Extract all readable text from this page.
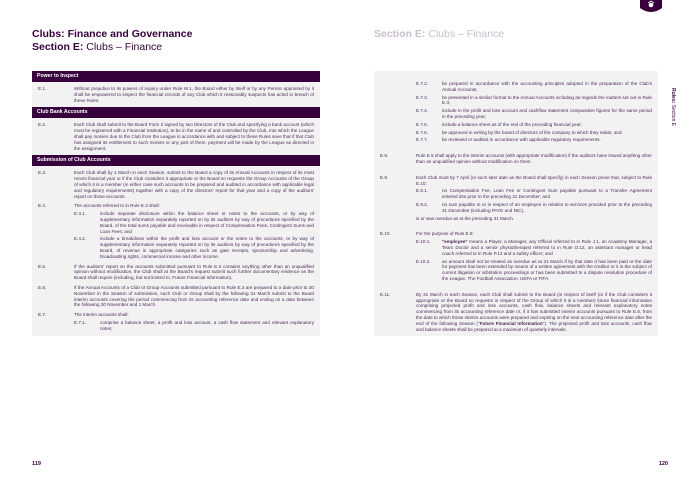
Clubs: Finance and Governance
Section E: Clubs – Finance
Power to Inspect
E.1.	Without prejudice to its powers of inquiry under Rule W.1, the Board either by itself or by any Person appointed by it shall be empowered to inspect the financial records of any Club which it reasonably suspects has acted in breach of these Rules.
Club Bank Accounts
E.2.	Each Club shall submit to the Board Form 2 signed by two Directors of the Club and specifying a bank account (which must be registered with a Financial Institution), to be in the name of and controlled by the Club, into which the League shall pay monies due to the Club from the League in accordance with and subject to these Rules save that if that Club has assigned its entitlement to such monies or any part of them, payment will be made by the League as directed in the assignment.
Submission of Club Accounts
E.3.	Each Club shall by 1 March in each Season, submit to the Board a copy of its Annual Accounts in respect of its most recent financial year or if the Club considers it appropriate or the Board so requests the Group Accounts of the Group of which it is a member (in either case such accounts to be prepared and audited in accordance with applicable legal and regulatory requirements) together with a copy of the directors' report for that year and a copy of the auditors' report on those accounts.
E.4.	The accounts referred to in Rule E.3 shall:
E.4.1.	include separate disclosure within the balance sheet or notes to the accounts, or by way of supplementary information separately reported on by its auditors by way of procedures specified by the Board, of the total sums payable and receivable in respect of Compensation Fees, Contingent Sums and Loan Fees; and
E.4.2.	include a breakdown within the profit and loss account or the notes to the accounts, or by way of supplementary information separately reported on by its auditors by way of procedures specified by the Board, of revenue in appropriate categories such as gate receipts, sponsorship and advertising, broadcasting rights, commercial income and other income.
E.5.	If the auditors' report on the accounts submitted pursuant to Rule E.3 contains anything other than an unqualified opinion without modification, the Club shall at the Board's request submit such further documentary evidence as the Board shall require (including, but not limited to, Future Financial Information).
E.6.	If the Annual Accounts of a Club or Group Accounts submitted pursuant to Rule E.3 are prepared to a date prior to 30 November in the Season of submission, such Club or Group shall by the following 31 March submit to the Board interim accounts covering the period commencing from its accounting reference date and ending on a date between the following 30 November and 1 March.
E.7.	The interim accounts shall:
E.7.1.	comprise a balance sheet, a profit and loss account, a cash flow statement and relevant explanatory notes;
119
Section E: Clubs – Finance
Rules: Section E
E.7.2.	be prepared in accordance with the accounting principles adopted in the preparation of the Club's Annual Accounts;
E.7.3.	be presented in a similar format to the Annual Accounts including as regards the matters set out in Rule E.4;
E.7.4.	include in the profit and loss account and cashflow statement comparative figures for the same period in the preceding year;
E.7.5.	include a balance sheet as of the end of the preceding financial year;
E.7.6.	be approved in writing by the board of directors of the company to which they relate; and
E.7.7.	be reviewed or audited in accordance with applicable regulatory requirements.
E.8.	Rule E.5 shall apply to the interim accounts (with appropriate modification) if the auditors have issued anything other than an unqualified opinion without modification on them.
E.9.	Each Club must by 7 April (or such later date as the Board shall specify) in each Season prove that, subject to Rule E.10:
E.9.1.	no Compensation Fee, Loan Fee or Contingent Sum payable pursuant to a Transfer Agreement entered into prior to the preceding 31 December; and
E.9.2.	no sum payable to or in respect of an employee in relation to services provided prior to the preceding 31 December (including PAYE and NIC),
is or was overdue as at the preceding 31 March.
E.10.	For the purpose of Rule E.9:
E.10.1.	"employee" means a Player, a Manager, any Official referred to in Rule J.1, an Academy Manager, a Team Doctor and a senior physiotherapist referred to in Rule O.12, an assistant manager or head coach referred to in Rule P.13 and a safety officer; and
E.10.2.	an amount shall not be treated as overdue as at 31 March if by that date it has been paid or the date for payment has been extended by means of a written agreement with the creditor or it is the subject of current litigation or arbitration proceedings or has been submitted to a dispute resolution procedure of the League, The Football Association, UEFA or FIFA.
E.11.	By 31 March in each Season, each Club shall submit to the Board (in respect of itself (or if the Club considers it appropriate or the Board so requests in respect of the Group of which it is a member) future financial information comprising projected profit and loss accounts, cash flow, balance sheets and relevant explanatory notes commencing from its accounting reference date or, if it has submitted interim accounts pursuant to Rule E.6, from the date to which those interim accounts were prepared and expiring on the next accounting reference date after the end of the following Season ("Future Financial Information"). The projected profit and loss accounts, cash flow and balance sheets shall be prepared at a maximum of quarterly intervals.
120
